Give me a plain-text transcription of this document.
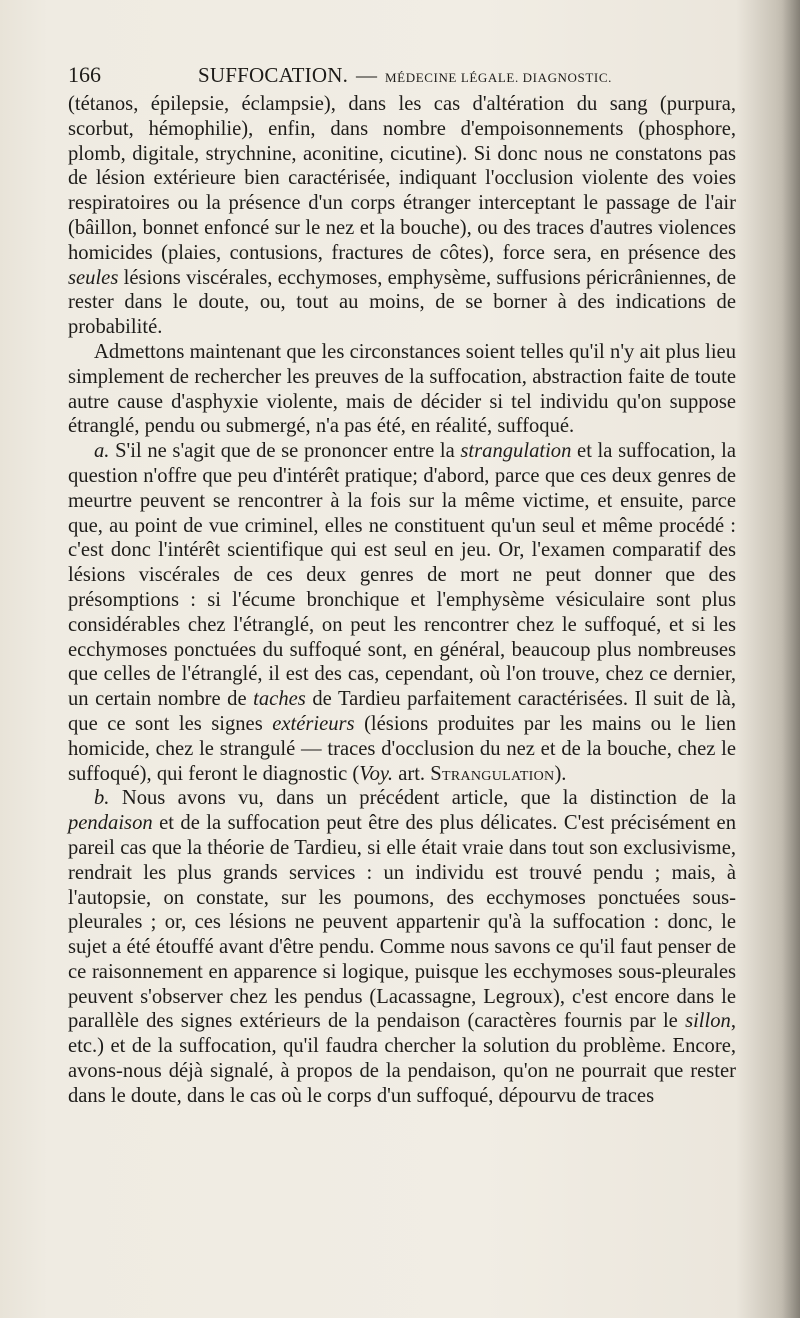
166	SUFFOCATION. — MÉDECINE LÉGALE. DIAGNOSTIC.

(tétanos, épilepsie, éclampsie), dans les cas d'altération du sang (purpura, scorbut, hémophilie), enfin, dans nombre d'empoisonnements (phosphore, plomb, digitale, strychnine, aconitine, cicutine). Si donc nous ne constatons pas de lésion extérieure bien caractérisée, indiquant l'occlusion violente des voies respiratoires ou la présence d'un corps étranger interceptant le passage de l'air (bâillon, bonnet enfoncé sur le nez et la bouche), ou des traces d'autres violences homicides (plaies, contusions, fractures de côtes), force sera, en présence des seules lésions viscérales, ecchymoses, emphysème, suffusions péricrâniennes, de rester dans le doute, ou, tout au moins, de se borner à des indications de probabilité.

Admettons maintenant que les circonstances soient telles qu'il n'y ait plus lieu simplement de rechercher les preuves de la suffocation, abstraction faite de toute autre cause d'asphyxie violente, mais de décider si tel individu qu'on suppose étranglé, pendu ou submergé, n'a pas été, en réalité, suffoqué.

a. S'il ne s'agit que de se prononcer entre la strangulation et la suffocation, la question n'offre que peu d'intérêt pratique; d'abord, parce que ces deux genres de meurtre peuvent se rencontrer à la fois sur la même victime, et ensuite, parce que, au point de vue criminel, elles ne constituent qu'un seul et même procédé : c'est donc l'intérêt scientifique qui est seul en jeu. Or, l'examen comparatif des lésions viscérales de ces deux genres de mort ne peut donner que des présomptions : si l'écume bronchique et l'emphysème vésiculaire sont plus considérables chez l'étranglé, on peut les rencontrer chez le suffoqué, et si les ecchymoses ponctuées du suffoqué sont, en général, beaucoup plus nombreuses que celles de l'étranglé, il est des cas, cependant, où l'on trouve, chez ce dernier, un certain nombre de taches de Tardieu parfaitement caractérisées. Il suit de là, que ce sont les signes extérieurs (lésions produites par les mains ou le lien homicide, chez le strangulé — traces d'occlusion du nez et de la bouche, chez le suffoqué), qui feront le diagnostic (Voy. art. Strangulation).

b. Nous avons vu, dans un précédent article, que la distinction de la pendaison et de la suffocation peut être des plus délicates. C'est précisément en pareil cas que la théorie de Tardieu, si elle était vraie dans tout son exclusivisme, rendrait les plus grands services : un individu est trouvé pendu ; mais, à l'autopsie, on constate, sur les poumons, des ecchymoses ponctuées sous-pleurales ; or, ces lésions ne peuvent appartenir qu'à la suffocation : donc, le sujet a été étouffé avant d'être pendu. Comme nous savons ce qu'il faut penser de ce raisonnement en apparence si logique, puisque les ecchymoses sous-pleurales peuvent s'observer chez les pendus (Lacassagne, Legroux), c'est encore dans le parallèle des signes extérieurs de la pendaison (caractères fournis par le sillon, etc.) et de la suffocation, qu'il faudra chercher la solution du problème. Encore, avons-nous déjà signalé, à propos de la pendaison, qu'on ne pourrait que rester dans le doute, dans le cas où le corps d'un suffoqué, dépourvu de traces
